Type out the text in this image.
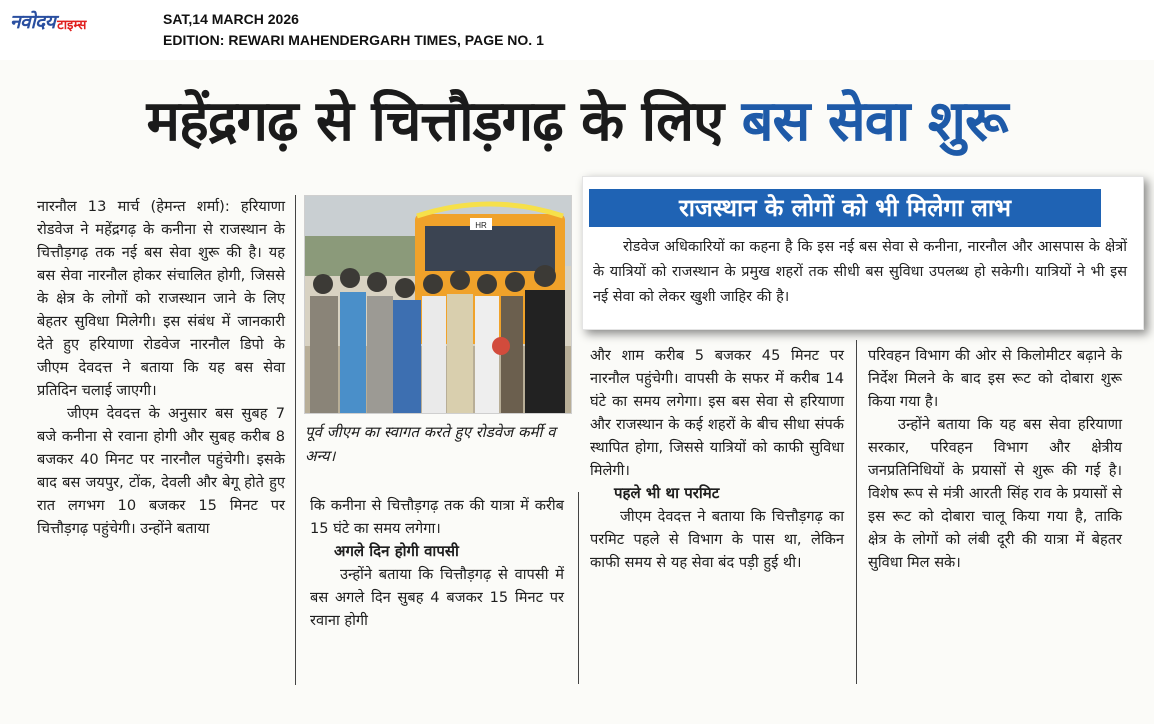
नवोदय टाइम्स	SAT,14 MARCH 2026
EDITION: REWARI MAHENDERGARH TIMES, PAGE NO. 1
महेंद्रगढ़ से चित्तौड़गढ़ के लिए बस सेवा शुरू

नारनौल 13 मार्च (हेमन्त शर्मा): हरियाणा रोडवेज ने महेंद्रगढ़ के कनीना से राजस्थान के चित्तौड़गढ़ तक नई बस सेवा शुरू की है। यह बस सेवा नारनौल होकर संचालित होगी, जिससे के क्षेत्र के लोगों को राजस्थान जाने के लिए बेहतर सुविधा मिलेगी। इस संबंध में जानकारी देते हुए हरियाणा रोडवेज नारनौल डिपो के जीएम देवदत्त ने बताया कि यह बस सेवा प्रतिदिन चलाई जाएगी।

जीएम देवदत्त के अनुसार बस सुबह 7 बजे कनीना से रवाना होगी और सुबह करीब 8 बजकर 40 मिनट पर नारनौल पहुंचेगी। इसके बाद बस जयपुर, टोंक, देवली और बेगू होते हुए रात लगभग 10 बजकर 15 मिनट पर चित्तौड़गढ़ पहुंचेगी। उन्होंने बताया

HR
पूर्व जीएम का स्वागत करते हुए रोडवेज कर्मी व अन्य।

कि कनीना से चित्तौड़गढ़ तक की यात्रा में करीब 15 घंटे का समय लगेगा।

अगले दिन होगी वापसी

उन्होंने बताया कि चित्तौड़गढ़ से वापसी में बस अगले दिन सुबह 4 बजकर 15 मिनट पर रवाना होगी

राजस्थान के लोगों को भी मिलेगा लाभ
रोडवेज अधिकारियों का कहना है कि इस नई बस सेवा से कनीना, नारनौल और आसपास के क्षेत्रों के यात्रियों को राजस्थान के प्रमुख शहरों तक सीधी बस सुविधा उपलब्ध हो सकेगी। यात्रियों ने भी इस नई सेवा को लेकर खुशी जाहिर की है।

और शाम करीब 5 बजकर 45 मिनट पर नारनौल पहुंचेगी। वापसी के सफर में करीब 14 घंटे का समय लगेगा। इस बस सेवा से हरियाणा और राजस्थान के कई शहरों के बीच सीधा संपर्क स्थापित होगा, जिससे यात्रियों को काफी सुविधा मिलेगी।

पहले भी था परमिट

जीएम देवदत्त ने बताया कि चित्तौड़गढ़ का परमिट पहले से विभाग के पास था, लेकिन काफी समय से यह सेवा बंद पड़ी हुई थी।

परिवहन विभाग की ओर से किलोमीटर बढ़ाने के निर्देश मिलने के बाद इस रूट को दोबारा शुरू किया गया है।

उन्होंने बताया कि यह बस सेवा हरियाणा सरकार, परिवहन विभाग और क्षेत्रीय जनप्रतिनिधियों के प्रयासों से शुरू की गई है। विशेष रूप से मंत्री आरती सिंह राव के प्रयासों से इस रूट को दोबारा चालू किया गया है, ताकि क्षेत्र के लोगों को लंबी दूरी की यात्रा में बेहतर सुविधा मिल सके।
